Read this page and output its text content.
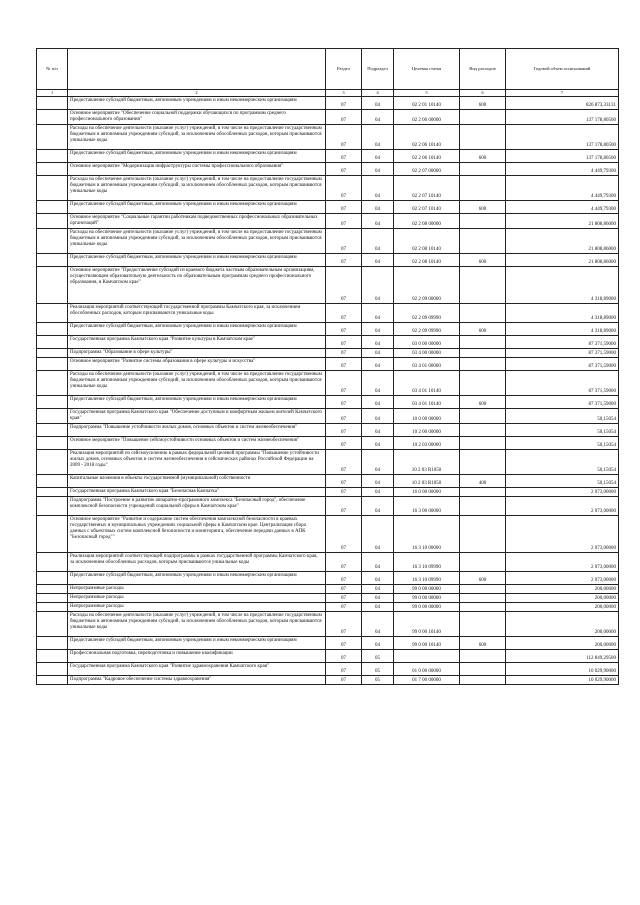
№ п/п		Раздел	Подраздел	Целевая статья	Вид расходов	Годовой объем ассигнований
1	2	3	4	5	6	7
	Предоставление субсидий бюджетным, автономным учреждениям и иным некоммерческим организациям	07	04	02 2 01 10140	600	826 873,33131
	Основное мероприятие "Обеспечение социальной поддержки обучающихся по программам среднего профессионального образования"	07	04	02 2 06 00000		137 178,80500
	Расходы на обеспечение деятельности (оказание услуг) учреждений, в том числе на предоставление государственным бюджетным и автономным учреждениям субсидий, за исключением обособленных расходов, которым присваиваются уникальные коды	07	04	02 2 06 10140		137 178,80500
	Предоставление субсидий бюджетным, автономным учреждениям и иным некоммерческим организациям	07	04	02 2 06 10140	600	137 178,80500
	Основное мероприятие "Модернизация инфраструктуры системы профессионального образования"	07	04	02 2 07 00000		4 449,79300
	Расходы на обеспечение деятельности (оказание услуг) учреждений, в том числе на предоставление государственным бюджетным и автономным учреждениям субсидий, за исключением обособленных расходов, которым присваиваются уникальные коды	07	04	02 2 07 10140		4 449,79300
	Предоставление субсидий бюджетным, автономным учреждениям и иным некоммерческим организациям	07	04	02 2 07 10140	600	4 449,79300
	Основное мероприятие "Социальные гарантии работникам подведомственных профессиональных образовательных организаций"	07	04	02 2 08 00000		21 808,86000
	Расходы на обеспечение деятельности (оказание услуг) учреждений, в том числе на предоставление государственным бюджетным и автономным учреждениям субсидий, за исключением обособленных расходов, которым присваиваются уникальные коды	07	04	02 2 08 10140		21 808,86000
	Предоставление субсидий бюджетным, автономным учреждениям и иным некоммерческим организациям	07	04	02 2 08 10140	600	21 808,86000
	Основное мероприятие "Предоставление субсидий из краевого бюджета частным образовательным организациям, осуществляющим образовательную деятельность по образовательным программам среднего профессионального образования, в Камчатском крае"	07	04	02 2 09 00000		4 318,89000
	Реализация мероприятий соответствующей государственной программы Камчатского края, за исключением обособленных расходов, которым присваиваются уникальные коды	07	04	02 2 09 09990		4 318,89000
	Предоставление субсидий бюджетным, автономным учреждениям и иным некоммерческим организациям	07	04	02 2 09 09990	600	4 318,89000
	Государственная программа Камчатского края "Развитие культуры в Камчатском крае"	07	04	03 0 00 00000		87 371,59000
	Подпрограмма "Образование в сфере культуры"	07	04	03 4 00 00000		87 371,59000
	Основное мероприятие "Развитие системы образования в сфере культуры и искусства"	07	04	03 4 01 00000		87 371,59000
	Расходы на обеспечение деятельности (оказание услуг) учреждений, в том числе на предоставление государственным бюджетным и автономным учреждениям субсидий, за исключением обособленных расходов, которым присваиваются уникальные коды	07	04	03 4 01 10140		87 371,59000
	Предоставление субсидий бюджетным, автономным учреждениям и иным некоммерческим организациям	07	04	03 4 01 10140	600	87 371,59000
	Государственная программа Камчатского края "Обеспечение доступным и комфортным жильем жителей Камчатского края"	07	04	10 0 00 00000		50,15054
	Подпрограмма "Повышение устойчивости жилых домов, основных объектов и систем жизнеобеспечения"	07	04	10 2 00 00000		50,15054
	Основное мероприятие "Повышение сейсмоустойчивости основных объектов и систем жизнеобеспечения"	07	04	10 2 03 00000		50,15054
	Реализация мероприятий по сейсмоусилению в рамках федеральной целевой программы "Повышение устойчивости жилых домов, основных объектов и систем жизнеобеспечения в сейсмических районах Российской Федерации на 2009 - 2018 годы"	07	04	10 2 03 R1050		50,15054
	Капитальные вложения в объекты государственной (муниципальной) собственности	07	04	10 2 03 R1050	400	50,15054
	Государственная программа Камчатского края "Безопасная Камчатка"	07	04	16 0 00 00000		2 073,00000
	Подпрограмма "Построение и развитие аппаратно-программного комплекса "Безопасный город", обеспечение комплексной безопасности учреждений социальной сферы в Камчатском крае"	07	04	16 3 00 00000		2 073,00000
	Основное мероприятие "Развитие и содержание систем обеспечения комплексной безопасности в краевых государственных и муниципальных учреждениях социальной сферы в Камчатском крае. Централизация сбора данных с объектовых систем комплексной безопасности и мониторинга, обеспечение передачи данных в АПК "Безопасный город""	07	04	16 3 10 00000		2 073,00000
	Реализация мероприятий соответствующей подпрограммы в рамках государственной программы Камчатского края, за исключением обособленных расходов, которым присваиваются уникальные коды	07	04	16 3 10 09990		2 073,00000
	Предоставление субсидий бюджетным, автономным учреждениям и иным некоммерческим организациям	07	04	16 3 10 09990	600	2 073,00000
	Непрограммные расходы	07	04	99 0 00 00000		200,00000
	Непрограммные расходы	07	04	99 0 00 00000		200,00000
	Непрограммные расходы	07	04	99 0 00 00000		200,00000
	Расходы на обеспечение деятельности (оказание услуг) учреждений, в том числе на предоставление государственным бюджетным и автономным учреждениям субсидий, за исключением обособленных расходов, которым присваиваются уникальные коды	07	04	99 0 00 10140		200,00000
	Предоставление субсидий бюджетным, автономным учреждениям и иным некоммерческим организациям	07	04	99 0 00 10140	600	200,00000
	Профессиональная подготовка, переподготовка и повышение квалификации	07	05			112 849,29500
	Государственная программа Камчатского края "Развитие здравоохранения Камчатского края"	07	05	01 0 00 00000		10 029,90000
	Подпрограмма "Кадровое обеспечение системы здравоохранения"	07	05	01 7 00 00000		10 029,90000
